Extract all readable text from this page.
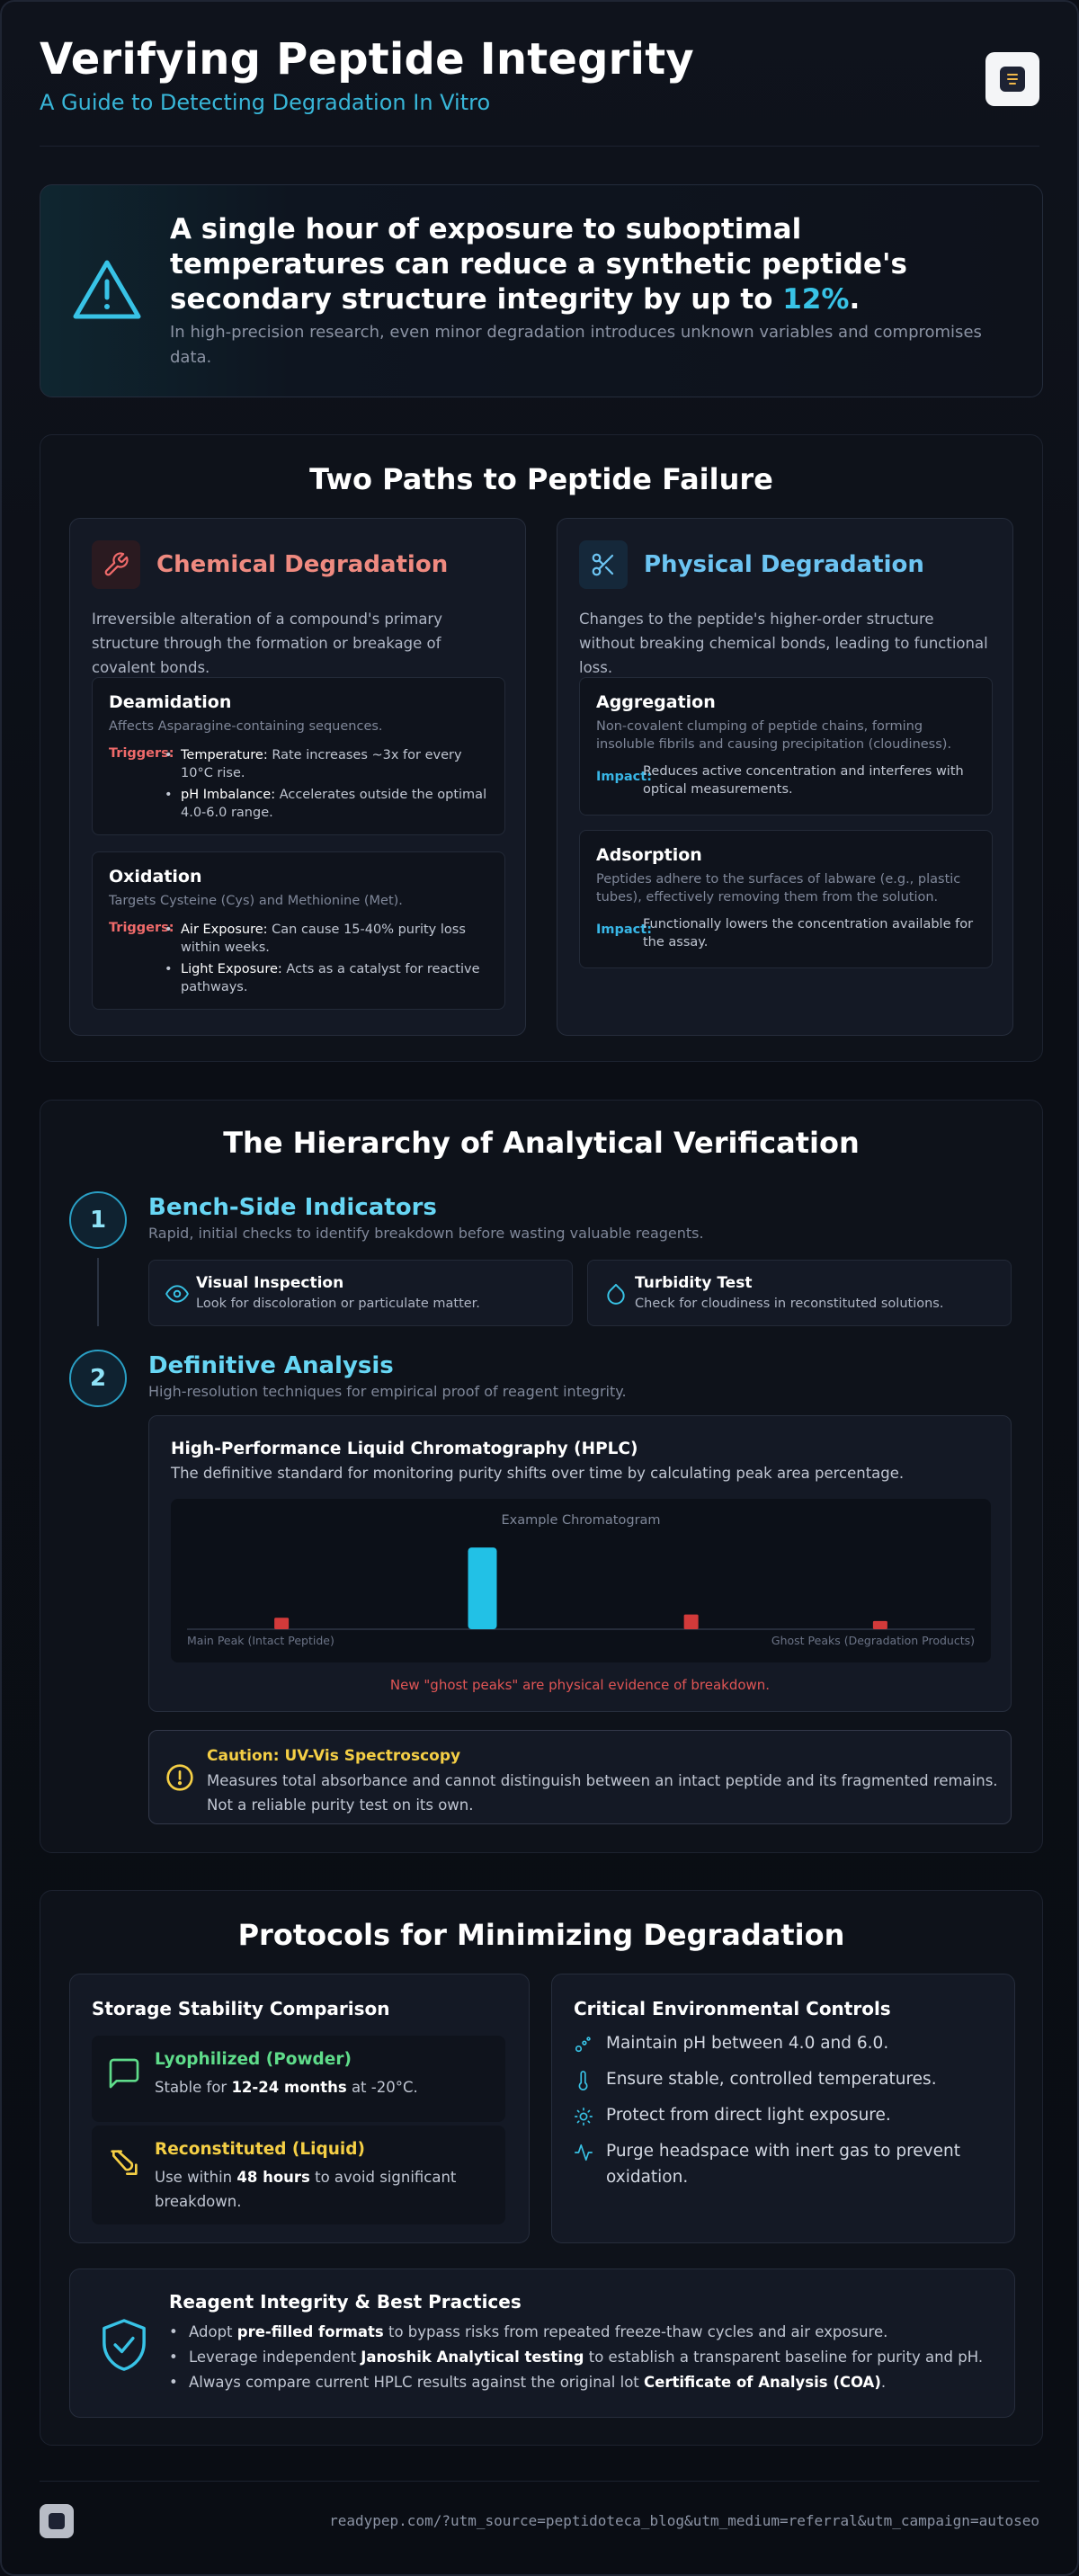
Verifying Peptide Integrity
A Guide to Detecting Degradation In Vitro
A single hour of exposure to suboptimal temperatures can reduce a synthetic peptide's secondary structure integrity by up to 12%.
In high-precision research, even minor degradation introduces unknown variables and compromises data.
Two Paths to Peptide Failure
Chemical Degradation
Irreversible alteration of a compound's primary structure through the formation or breakage of covalent bonds.
Deamidation
Affects Asparagine-containing sequences.
Triggers: • Temperature: Rate increases ~3x for every 10°C rise.
• pH Imbalance: Accelerates outside the optimal 4.0-6.0 range.
Oxidation
Targets Cysteine (Cys) and Methionine (Met).
Triggers: • Air Exposure: Can cause 15-40% purity loss within weeks.
• Light Exposure: Acts as a catalyst for reactive pathways.
Physical Degradation
Changes to the peptide's higher-order structure without breaking chemical bonds, leading to functional loss.
Aggregation
Non-covalent clumping of peptide chains, forming insoluble fibrils and causing precipitation (cloudiness).
Impact:
Reduces active concentration and interferes with optical measurements.
Adsorption
Peptides adhere to the surfaces of labware (e.g., plastic tubes), effectively removing them from the solution.
Impact:
Functionally lowers the concentration available for the assay.
The Hierarchy of Analytical Verification
1	Bench-Side Indicators
Rapid, initial checks to identify breakdown before wasting valuable reagents.
Visual Inspection
Look for discoloration or particulate matter.
Turbidity Test
Check for cloudiness in reconstituted solutions.
2	Definitive Analysis
High-resolution techniques for empirical proof of reagent integrity.
High-Performance Liquid Chromatography (HPLC)
The definitive standard for monitoring purity shifts over time by calculating peak area percentage.
Example Chromatogram
Main Peak (Intact Peptide)	Ghost Peaks (Degradation Products)
New "ghost peaks" are physical evidence of breakdown.
Caution: UV-Vis Spectroscopy
Measures total absorbance and cannot distinguish between an intact peptide and its fragmented remains. Not a reliable purity test on its own.
Protocols for Minimizing Degradation
Storage Stability Comparison
Lyophilized (Powder)
Stable for 12-24 months at -20°C.
Reconstituted (Liquid)
Use within 48 hours to avoid significant breakdown.
Critical Environmental Controls
Maintain pH between 4.0 and 6.0.
Ensure stable, controlled temperatures.
Protect from direct light exposure.
Purge headspace with inert gas to prevent oxidation.
Reagent Integrity & Best Practices
• Adopt pre-filled formats to bypass risks from repeated freeze-thaw cycles and air exposure.
• Leverage independent Janoshik Analytical testing to establish a transparent baseline for purity and pH.
• Always compare current HPLC results against the original lot Certificate of Analysis (COA).
readypep.com/?utm_source=peptidoteca_blog&utm_medium=referral&utm_campaign=autoseo
